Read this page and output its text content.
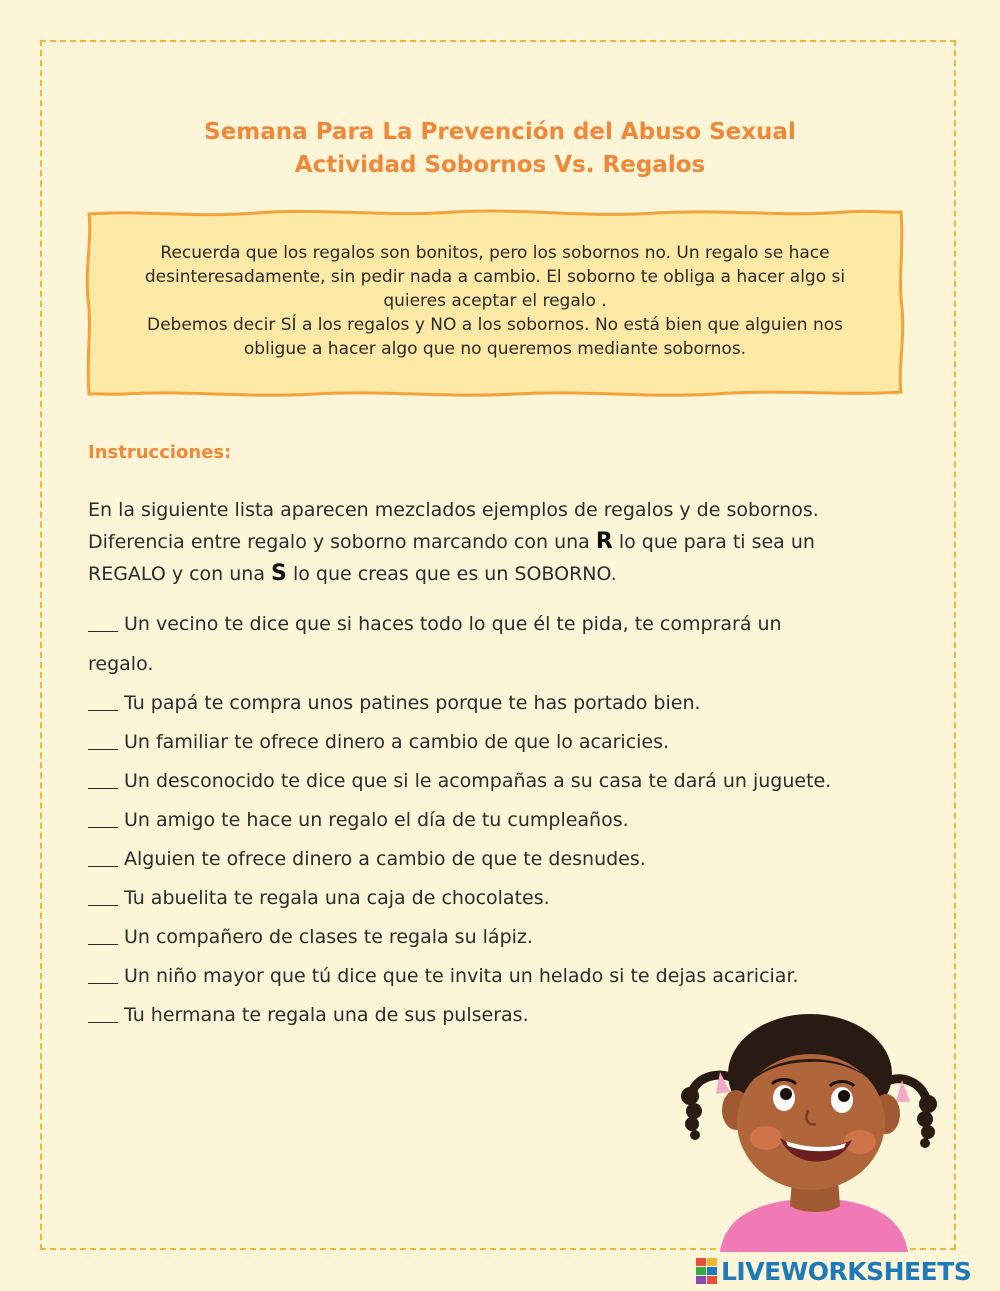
Semana Para La Prevención del Abuso Sexual
Actividad Sobornos Vs. Regalos
Recuerda que los regalos son bonitos, pero los sobornos no. Un regalo se hace
desinteresadamente, sin pedir nada a cambio. El soborno te obliga a hacer algo si
quieres aceptar el regalo .
Debemos decir SÍ a los regalos y NO a los sobornos. No está bien que alguien nos
obligue a hacer algo que no queremos mediante sobornos.
Instrucciones:
En la siguiente lista aparecen mezclados ejemplos de regalos y de sobornos.
Diferencia entre regalo y soborno marcando con una R lo que para ti sea un
REGALO y con una S lo que creas que es un SOBORNO.
Un vecino te dice que si haces todo lo que él te pida, te comprará un
regalo.
Tu papá te compra unos patines porque te has portado bien.
Un familiar te ofrece dinero a cambio de que lo acaricies.
Un desconocido te dice que si le acompañas a su casa te dará un juguete.
Un amigo te hace un regalo el día de tu cumpleaños.
Alguien te ofrece dinero a cambio de que te desnudes.
Tu abuelita te regala una caja de chocolates.
Un compañero de clases te regala su lápiz.
Un niño mayor que tú dice que te invita un helado si te dejas acariciar.
Tu hermana te regala una de sus pulseras.
LIVEWORKSHEETS
